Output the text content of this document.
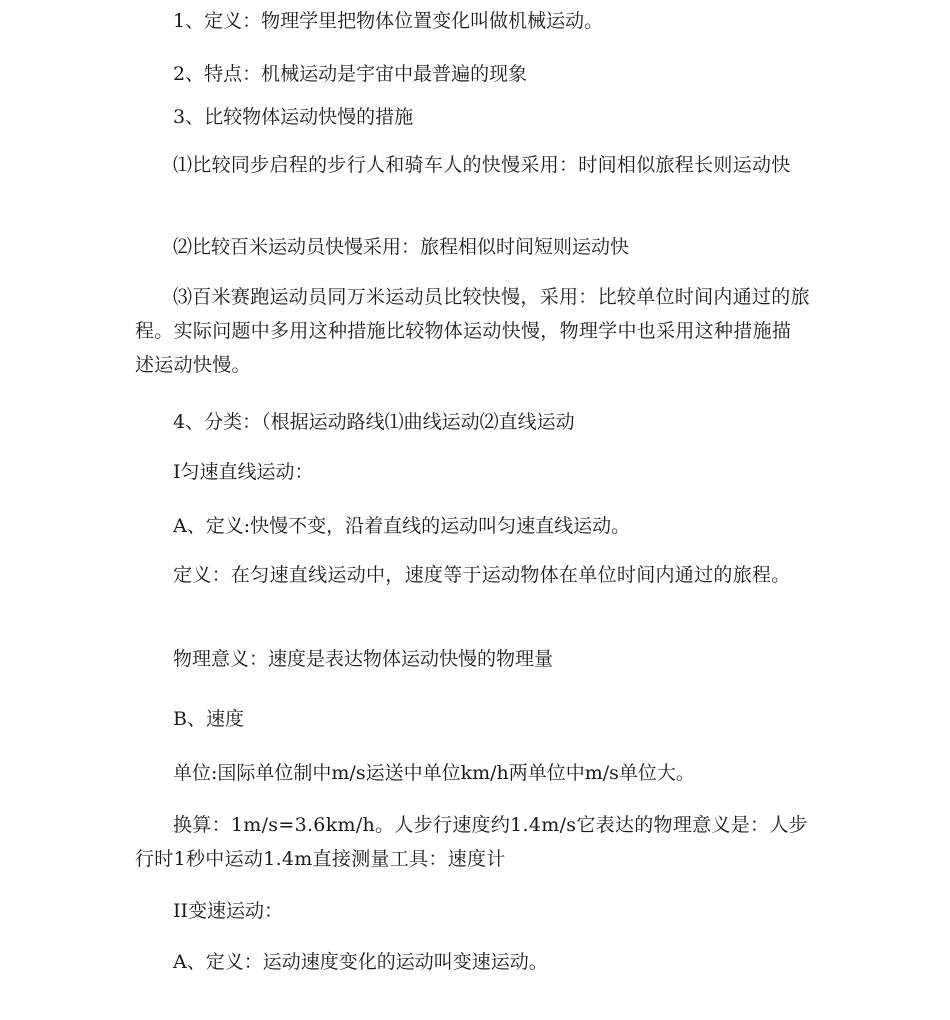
1、定义：物理学里把物体位置变化叫做机械运动。
2、特点：机械运动是宇宙中最普遍的现象
3、比较物体运动快慢的措施
⑴比较同步启程的步行人和骑车人的快慢采用：时间相似旅程长则运动快
⑵比较百米运动员快慢采用：旅程相似时间短则运动快
⑶百米赛跑运动员同万米运动员比较快慢，采用：比较单位时间内通过的旅程。实际问题中多用这种措施比较物体运动快慢，物理学中也采用这种措施描述运动快慢。
4、分类：（根据运动路线⑴曲线运动⑵直线运动
I匀速直线运动：
A、定义:快慢不变，沿着直线的运动叫匀速直线运动。
定义：在匀速直线运动中，速度等于运动物体在单位时间内通过的旅程。
物理意义：速度是表达物体运动快慢的物理量
B、速度
单位:国际单位制中m/s运送中单位km/h两单位中m/s单位大。
换算：1m/s=3.6km/h。人步行速度约1.4m/s它表达的物理意义是：人步行时1秒中运动1.4m直接测量工具：速度计
II变速运动：
A、定义：运动速度变化的运动叫变速运动。
